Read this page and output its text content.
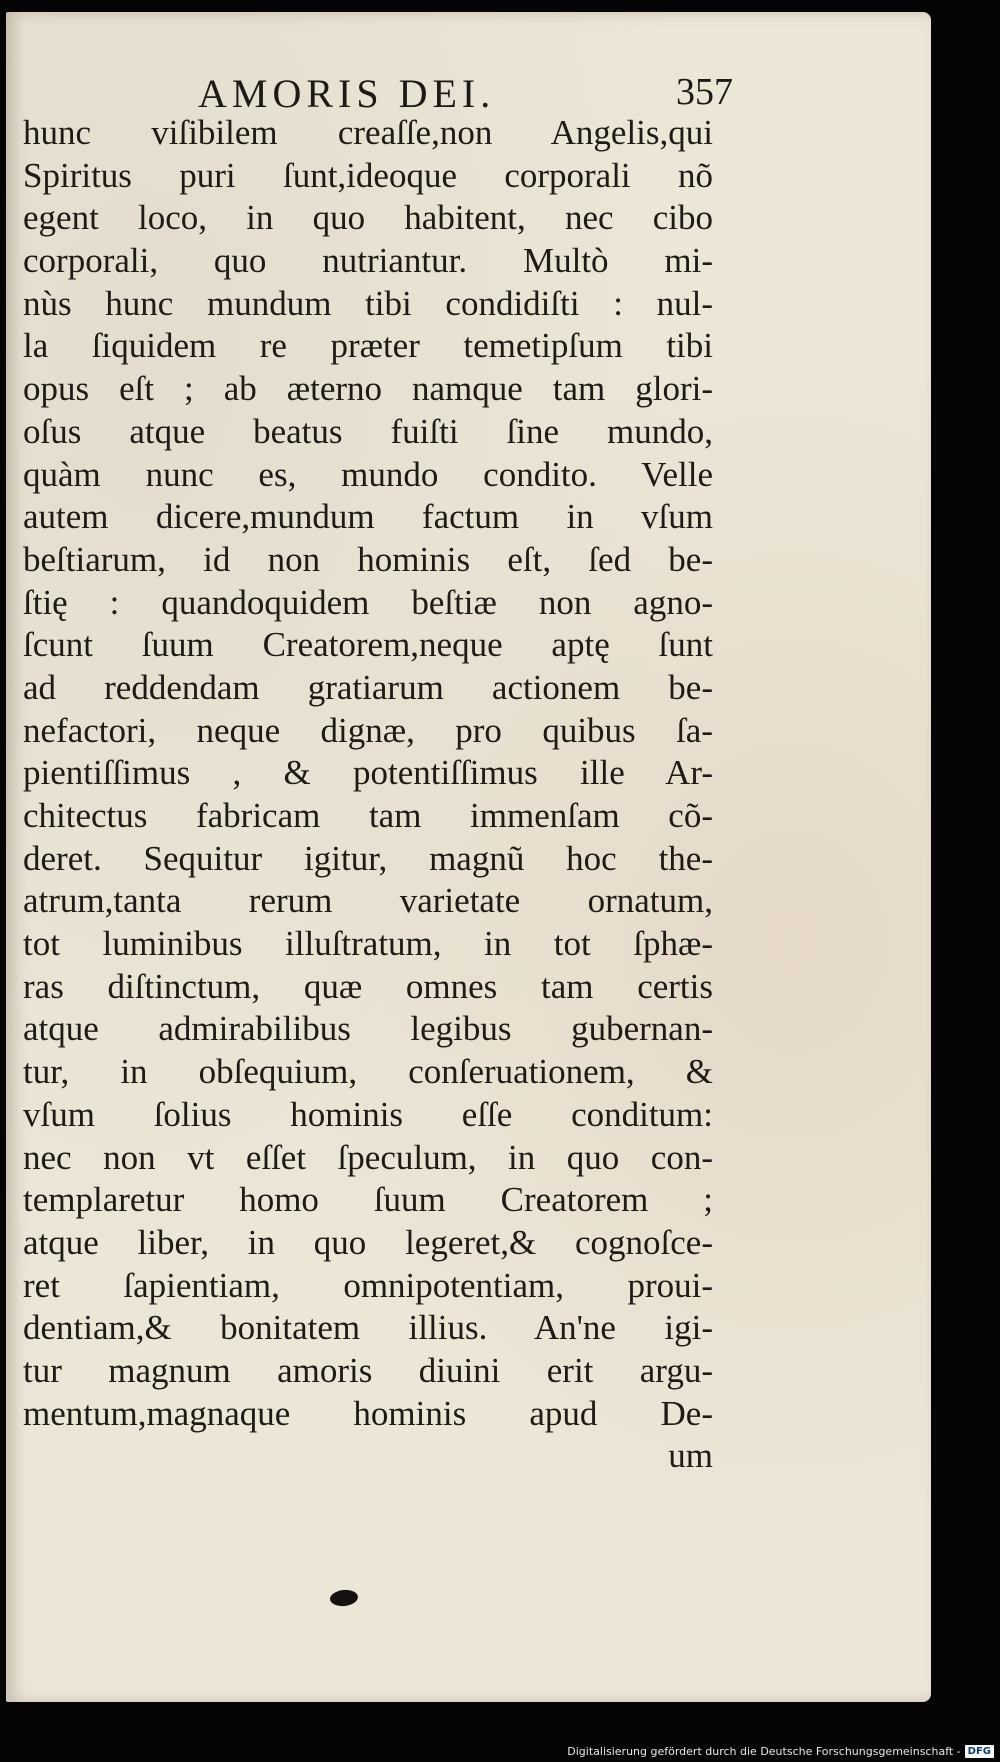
AMORIS DEI.	357
hunc viſibilem creaſſe,non Angelis,qui
Spiritus puri ſunt,ideoque corporali nõ
egent loco, in quo habitent, nec cibo
corporali, quo nutriantur. Multò mi-
nùs hunc mundum tibi condidiſti : nul-
la ſiquidem re præter temetipſum tibi
opus eſt ; ab æterno namque tam glori-
oſus atque beatus fuiſti ſine mundo,
quàm nunc es, mundo condito. Velle
autem dicere,mundum factum in vſum
beſtiarum, id non hominis eſt, ſed be-
ſtię : quandoquidem beſtiæ non agno-
ſcunt ſuum Creatorem,neque aptę ſunt
ad reddendam gratiarum actionem be-
nefactori, neque dignæ, pro quibus ſa-
pientiſſimus , & potentiſſimus ille Ar-
chitectus fabricam tam immenſam cõ-
deret. Sequitur igitur, magnũ hoc the-
atrum,tanta rerum varietate ornatum,
tot luminibus illuſtratum, in tot ſphæ-
ras diſtinctum, quæ omnes tam certis
atque admirabilibus legibus gubernan-
tur, in obſequium, conſeruationem, &
vſum ſolius hominis eſſe conditum:
nec non vt eſſet ſpeculum, in quo con-
templaretur homo ſuum Creatorem ;
atque liber, in quo legeret,& cognoſce-
ret ſapientiam, omnipotentiam, proui-
dentiam,& bonitatem illius. An'ne igi-
tur magnum amoris diuini erit argu-
mentum,magnaque hominis apud De-
um
Digitalisierung gefördert durch die Deutsche Forschungsgemeinschaft - DFG
